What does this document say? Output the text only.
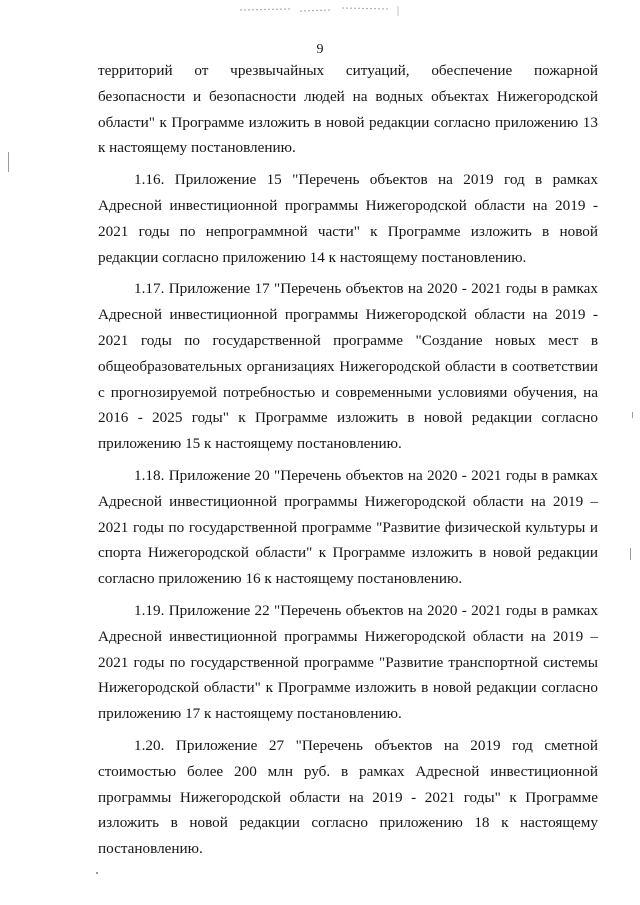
9

территорий от чрезвычайных ситуаций, обеспечение пожарной безопасности и безопасности людей на водных объектах Нижегородской области" к Программе изложить в новой редакции согласно приложению 13 к настоящему постановлению.

1.16. Приложение 15 "Перечень объектов на 2019 год в рамках Адресной инвестиционной программы Нижегородской области на 2019 - 2021 годы по непрограммной части" к Программе изложить в новой редакции согласно приложению 14 к настоящему постановлению.

1.17. Приложение 17 "Перечень объектов на 2020 - 2021 годы в рамках Адресной инвестиционной программы Нижегородской области на 2019 - 2021 годы по государственной программе "Создание новых мест в общеобразовательных организациях Нижегородской области в соответствии с прогнозируемой потребностью и современными условиями обучения, на 2016 - 2025 годы" к Программе изложить в новой редакции согласно приложению 15 к настоящему постановлению.

1.18. Приложение 20 "Перечень объектов на 2020 - 2021 годы в рамках Адресной инвестиционной программы Нижегородской области на 2019 – 2021 годы по государственной программе "Развитие физической культуры и спорта Нижегородской области" к Программе изложить в новой редакции согласно приложению 16 к настоящему постановлению.

1.19. Приложение 22 "Перечень объектов на 2020 - 2021 годы в рамках Адресной инвестиционной программы Нижегородской области на 2019 – 2021 годы по государственной программе "Развитие транспортной системы Нижегородской области" к Программе изложить в новой редакции согласно приложению 17 к настоящему постановлению.

1.20. Приложение 27 "Перечень объектов на 2019 год сметной стоимостью более 200 млн руб. в рамках Адресной инвестиционной программы Нижегородской области на 2019 - 2021 годы" к Программе изложить в новой редакции согласно приложению 18 к настоящему постановлению.
